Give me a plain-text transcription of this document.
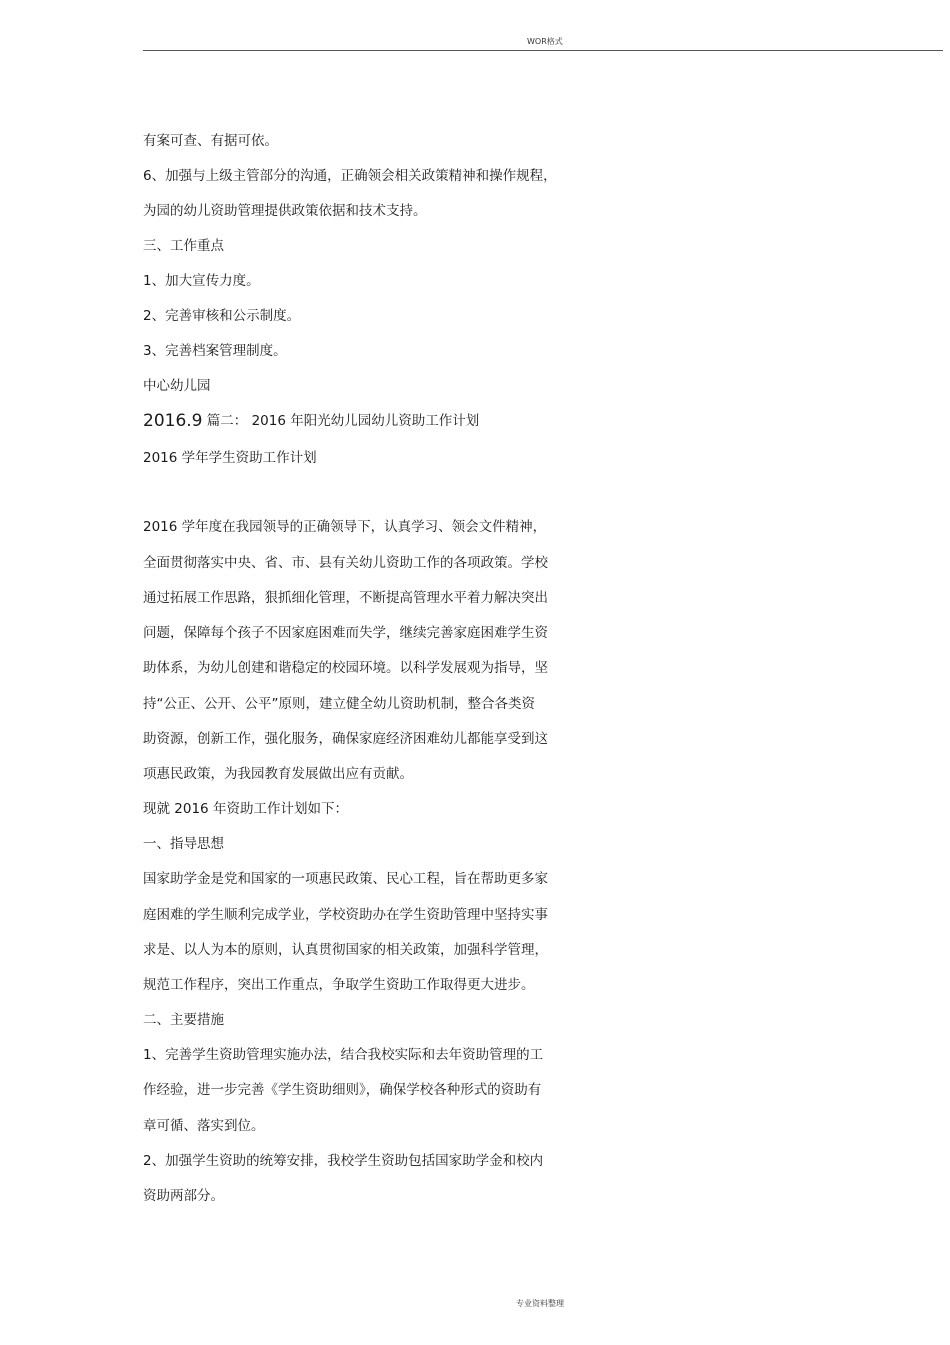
WOR格式
有案可查、有据可依。
6、加强与上级主管部分的沟通，正确领会相关政策精神和操作规程，
为园的幼儿资助管理提供政策依据和技术支持。
三、工作重点
1、加大宣传力度。
2、完善审核和公示制度。
3、完善档案管理制度。
中心幼儿园
2016.9 篇二： 2016 年阳光幼儿园幼儿资助工作计划
2016 学年学生资助工作计划
2016 学年度在我园领导的正确领导下，认真学习、领会文件精神，
全面贯彻落实中央、省、市、县有关幼儿资助工作的各项政策。学校
通过拓展工作思路，狠抓细化管理，不断提高管理水平着力解决突出
问题，保障每个孩子不因家庭困难而失学，继续完善家庭困难学生资
助体系，为幼儿创建和谐稳定的校园环境。以科学发展观为指导，坚
持“公正、公开、公平”原则，建立健全幼儿资助机制，整合各类资
助资源，创新工作，强化服务，确保家庭经济困难幼儿都能享受到这
项惠民政策，为我园教育发展做出应有贡献。
现就 2016 年资助工作计划如下：
一、指导思想
国家助学金是党和国家的一项惠民政策、民心工程，旨在帮助更多家
庭困难的学生顺利完成学业，学校资助办在学生资助管理中坚持实事
求是、以人为本的原则，认真贯彻国家的相关政策，加强科学管理，
规范工作程序，突出工作重点，争取学生资助工作取得更大进步。
二、主要措施
1、完善学生资助管理实施办法，结合我校实际和去年资助管理的工
作经验，进一步完善《学生资助细则》，确保学校各种形式的资助有
章可循、落实到位。
2、加强学生资助的统筹安排，我校学生资助包括国家助学金和校内
资助两部分。
专业资料整理
